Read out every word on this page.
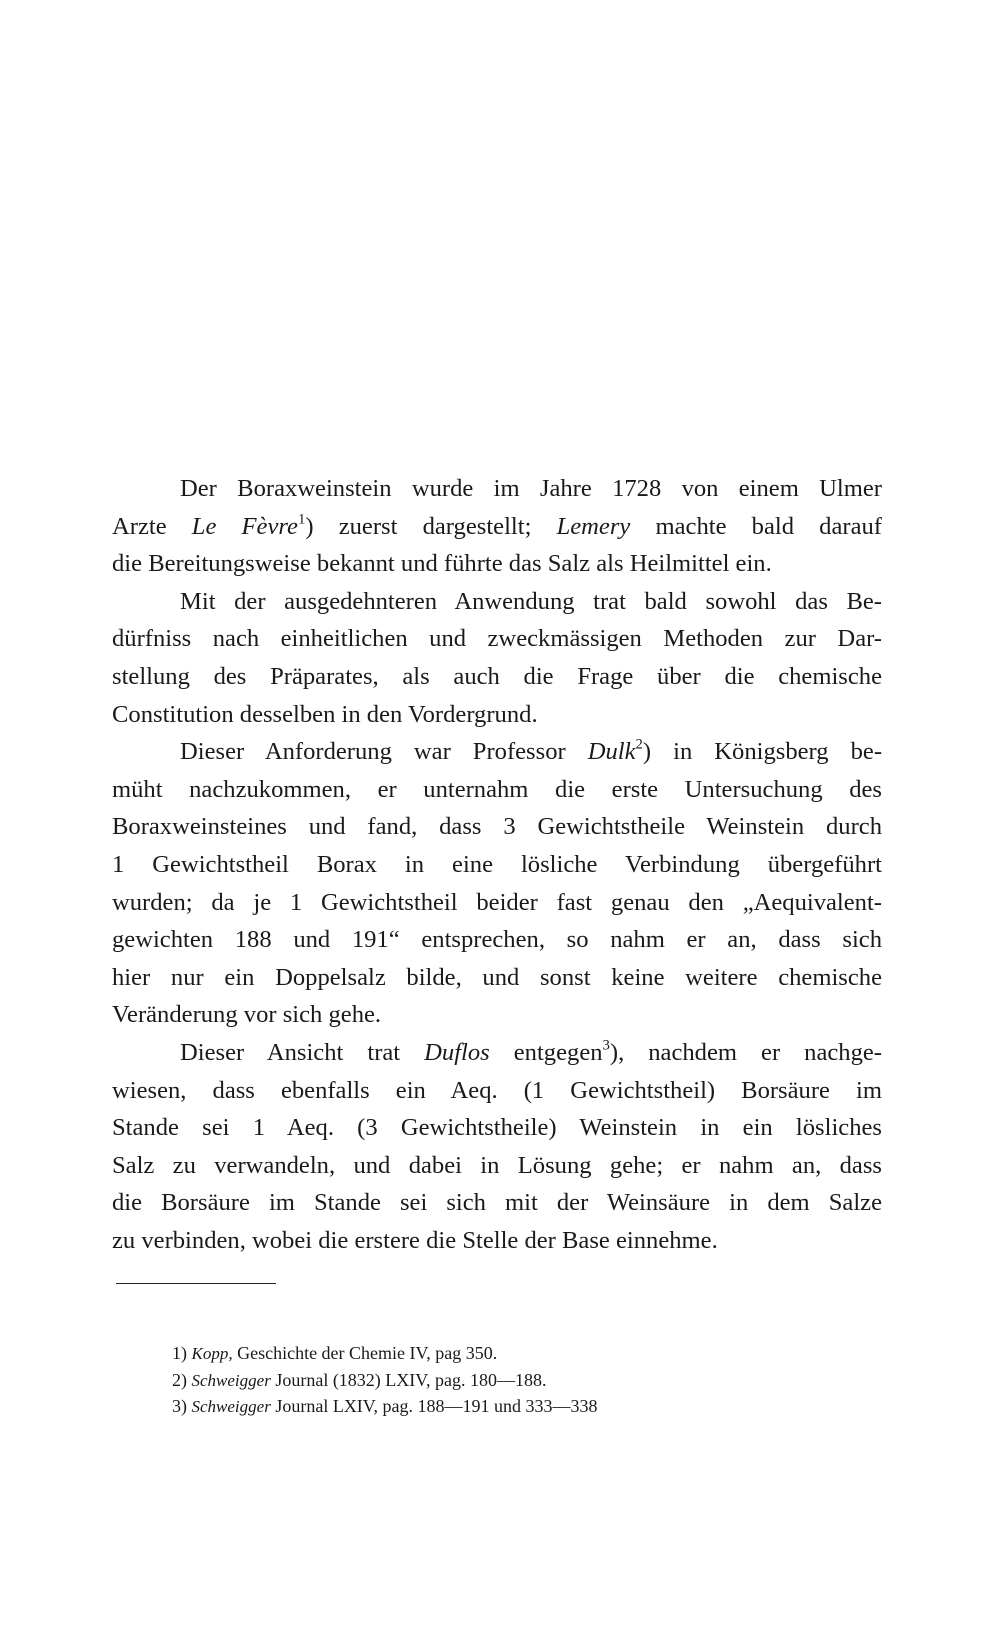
Der Boraxweinstein wurde im Jahre 1728 von einem Ulmer
Arzte Le Fèvre$^1$) zuerst dargestellt; Lemery machte bald darauf
die Bereitungsweise bekannt und führte das Salz als Heilmittel ein.
Mit der ausgedehnteren Anwendung trat bald sowohl das Be-
dürfniss nach einheitlichen und zweckmässigen Methoden zur Dar-
stellung des Präparates, als auch die Frage über die chemische
Constitution desselben in den Vordergrund.
Dieser Anforderung war Professor Dulk$^2$) in Königsberg be-
müht nachzukommen, er unternahm die erste Untersuchung des
Boraxweinsteines und fand, dass 3 Gewichtstheile Weinstein durch
1 Gewichtstheil Borax in eine lösliche Verbindung übergeführt
wurden; da je 1 Gewichtstheil beider fast genau den „Aequivalent-
gewichten 188 und 191“ entsprechen, so nahm er an, dass sich
hier nur ein Doppelsalz bilde, und sonst keine weitere chemische
Veränderung vor sich gehe.
Dieser Ansicht trat Duflos entgegen$^3$), nachdem er nachge-
wiesen, dass ebenfalls ein Aeq. (1 Gewichtstheil) Borsäure im
Stande sei 1 Aeq. (3 Gewichtstheile) Weinstein in ein lösliches
Salz zu verwandeln, und dabei in Lösung gehe; er nahm an, dass
die Borsäure im Stande sei sich mit der Weinsäure in dem Salze
zu verbinden, wobei die erstere die Stelle der Base einnehme.
1) Kopp, Geschichte der Chemie IV, pag 350.
2) Schweigger Journal (1832) LXIV, pag. 180—188.
3) Schweigger Journal LXIV, pag. 188—191 und 333—338
